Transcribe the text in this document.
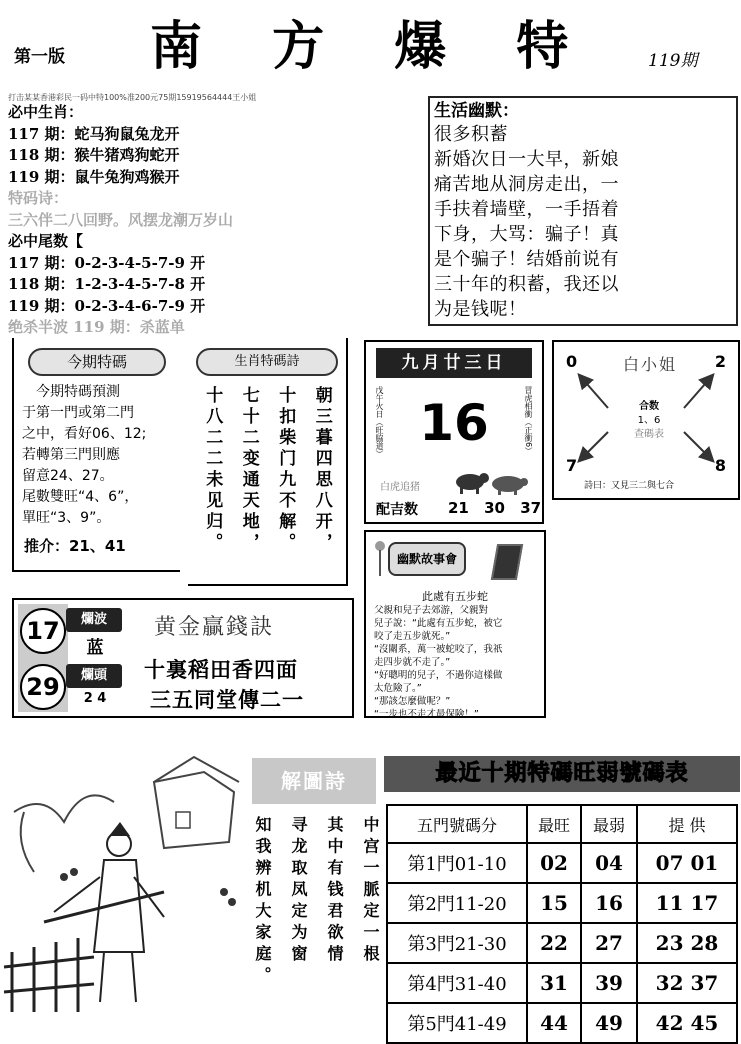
第一版 南 方 爆 特	119期
打击某某香港彩民一码中特100%准200元75期15919564444王小姐
必中生肖：
117 期：蛇马狗鼠兔龙开
118 期：猴牛猪鸡狗蛇开
119 期：鼠牛兔狗鸡猴开
特码诗：
三六伴二八回野。风摆龙潮万岁山
必中尾数【
117 期：0-2-3-4-5-7-9 开
118 期：1-2-3-4-5-7-8 开
119 期：0-2-3-4-6-7-9 开
绝杀半波 119 期：杀蓝单
生活幽默：
很多积蓄
新婚次日一大早，新娘
痛苦地从洞房走出，一
手扶着墙壁，一手捂着
下身，大骂：骗子！真
是个骗子！结婚前说有
三十年的积蓄，我还以
为是钱呢！
今期特碼
　今期特碼預測
于第一門或第二門
之中，看好06、12;
若轉第三門則應
留意24、27。
尾數雙旺“4、6”，
單旺“3、9”。
推介：21、41
生肖特碼詩
朝三暮四思八开，
十扣柴门九不解。
七十二变通天地，
十八二二未见归。
九月廿三日
戊午火日（旺脇道） 16	冒虎相衝（正衝6）
白虎追猪
配吉数 21 30 37
0	2
7	8
白小姐
合数
1、6
查碼表
詩曰：又見三二與七合
幽默故事會
此處有五步蛇
父親和兒子去郊游，父親對
兒子說：“此處有五步蛇，被它
咬了走五步就死。”
“沒關系，萬一被蛇咬了，我祇
走四步就不走了。”
“好聰明的兒子，不過你這樣做
太危險了。”
“那該怎麼做呢？”
“一步也不走才最保險！”
17	爛波
蓝
29	爛頭
2 4
黄金贏錢訣
十裏稻田香四面
三五同堂傳二一
解圖詩
中宫一脈定一根
其中有钱君欲情
寻龙取凤定为窗
知我辨机大家庭。
最近十期特碼旺弱號碼表
五門號碼分	最旺	最弱	提 供
第1門01-10	02	04	07 01
第2門11-20	15	16	11 17
第3門21-30	22	27	23 28
第4門31-40	31	39	32 37
第5門41-49	44	49	42 45
